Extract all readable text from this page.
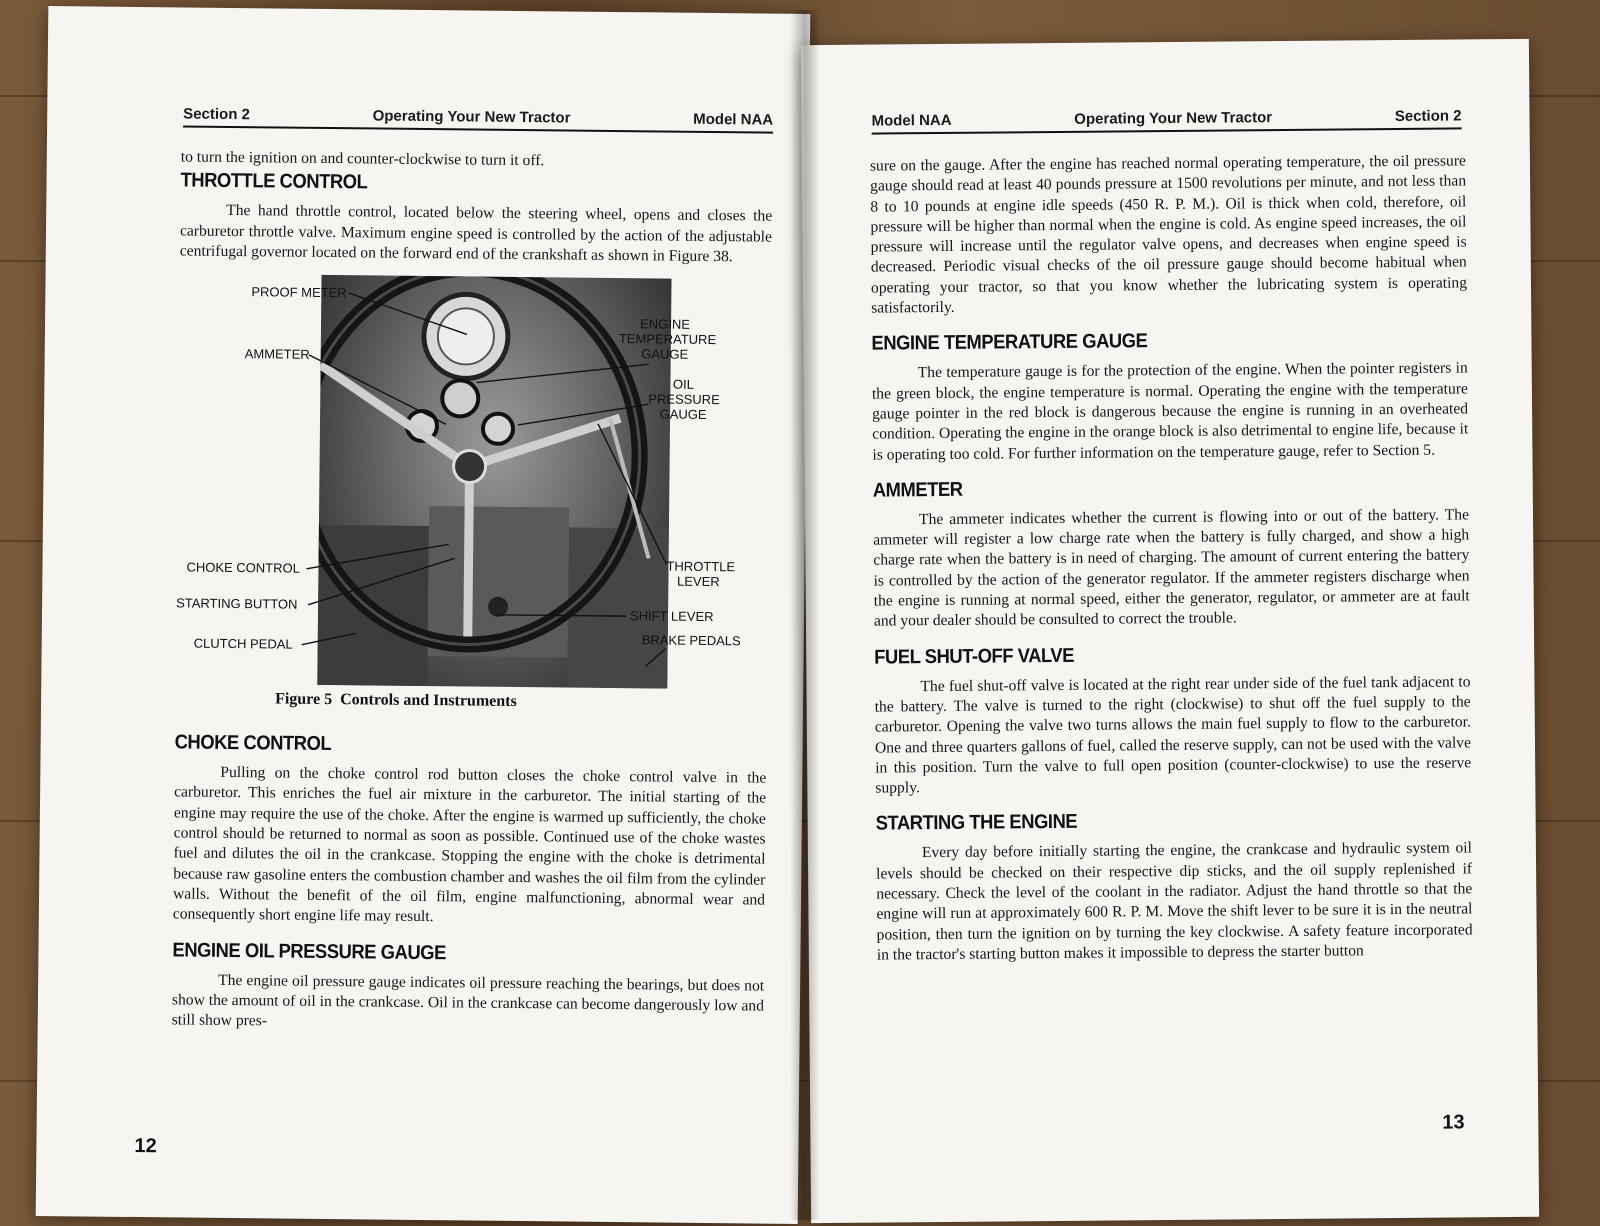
Section 2	Operating Your New Tractor	Model NAA

to turn the ignition on and counter-clockwise to turn it off.

THROTTLE CONTROL

The hand throttle control, located below the steering wheel, opens and closes the carburetor throttle valve. Maximum engine speed is controlled by the action of the adjustable centrifugal governor located on the forward end of the crankshaft as shown in Figure 38.

PROOF METER
AMMETER
ENGINE TEMPERATURE GAUGE
OIL PRESSURE GAUGE
CHOKE CONTROL
STARTING BUTTON
CLUTCH PEDAL
THROTTLE LEVER
SHIFT LEVER
BRAKE PEDALS
Figure 5  Controls and Instruments
CHOKE CONTROL

Pulling on the choke control rod button closes the choke control valve in the carburetor. This enriches the fuel air mixture in the carburetor. The initial starting of the engine may require the use of the choke. After the engine is warmed up sufficiently, the choke control should be returned to normal as soon as possible. Continued use of the choke wastes fuel and dilutes the oil in the crankcase. Stopping the engine with the choke is detrimental because raw gasoline enters the combustion chamber and washes the oil film from the cylinder walls. Without the benefit of the oil film, engine malfunctioning, abnormal wear and consequently short engine life may result.

ENGINE OIL PRESSURE GAUGE

The engine oil pressure gauge indicates oil pressure reaching the bearings, but does not show the amount of oil in the crankcase. Oil in the crankcase can become dangerously low and still show pres-

12
Model NAA	Operating Your New Tractor	Section 2

sure on the gauge. After the engine has reached normal operating temperature, the oil pressure gauge should read at least 40 pounds pressure at 1500 revolutions per minute, and not less than 8 to 10 pounds at engine idle speeds (450 R. P. M.). Oil is thick when cold, therefore, oil pressure will be higher than normal when the engine is cold. As engine speed increases, the oil pressure will increase until the regulator valve opens, and decreases when engine speed is decreased. Periodic visual checks of the oil pressure gauge should become habitual when operating your tractor, so that you know whether the lubricating system is operating satisfactorily.

ENGINE TEMPERATURE GAUGE

The temperature gauge is for the protection of the engine. When the pointer registers in the green block, the engine temperature is normal. Operating the engine with the temperature gauge pointer in the red block is dangerous because the engine is running in an overheated condition. Operating the engine in the orange block is also detrimental to engine life, because it is operating too cold. For further information on the temperature gauge, refer to Section 5.

AMMETER

The ammeter indicates whether the current is flowing into or out of the battery. The ammeter will register a low charge rate when the battery is fully charged, and show a high charge rate when the battery is in need of charging. The amount of current entering the battery is controlled by the action of the generator regulator. If the ammeter registers discharge when the engine is running at normal speed, either the generator, regulator, or ammeter are at fault and your dealer should be consulted to correct the trouble.

FUEL SHUT-OFF VALVE

The fuel shut-off valve is located at the right rear under side of the fuel tank adjacent to the battery. The valve is turned to the right (clockwise) to shut off the fuel supply to the carburetor. Opening the valve two turns allows the main fuel supply to flow to the carburetor. One and three quarters gallons of fuel, called the reserve supply, can not be used with the valve in this position. Turn the valve to full open position (counter-clockwise) to use the reserve supply.

STARTING THE ENGINE

Every day before initially starting the engine, the crankcase and hydraulic system oil levels should be checked on their respective dip sticks, and the oil supply replenished if necessary. Check the level of the coolant in the radiator. Adjust the hand throttle so that the engine will run at approximately 600 R. P. M. Move the shift lever to be sure it is in the neutral position, then turn the ignition on by turning the key clockwise. A safety feature incorporated in the tractor's starting button makes it impossible to depress the starter button

13
